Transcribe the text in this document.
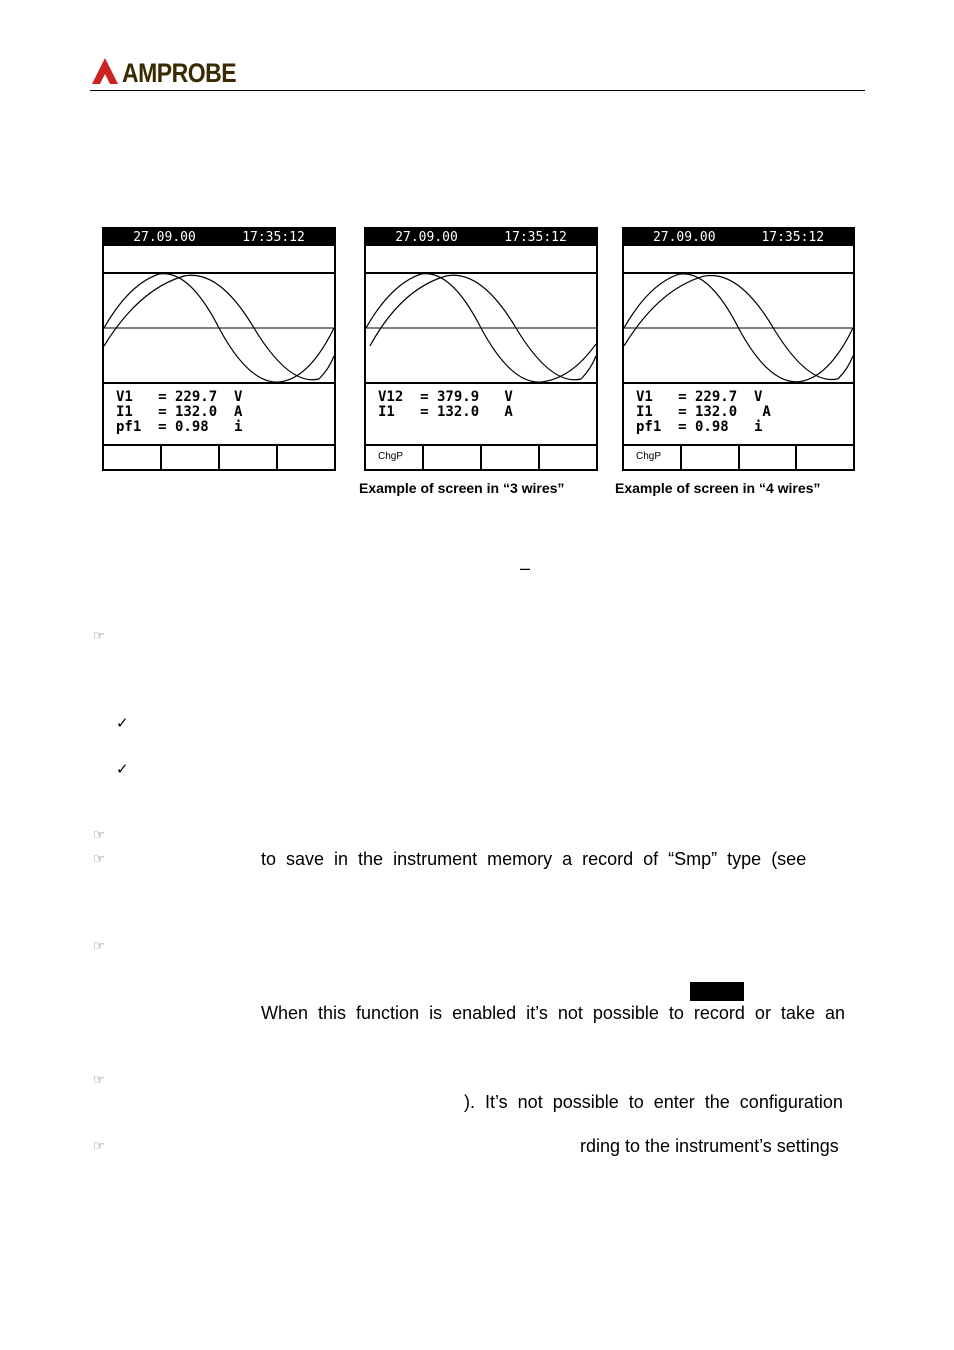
AMPROBE
27.09.00	17:35:12
V1   = 229.7  V
I1   = 132.0  A
pf1  = 0.98   i
27.09.00	17:35:12
V12  = 379.9   V
I1   = 132.0   A
ChgP
27.09.00	17:35:12
V1   = 229.7  V
I1   = 132.0   A
pf1  = 0.98   i
ChgP
Example of screen in “3 wires”	Example of screen in “4 wires”
–
☞
✓
✓
☞
☞
☞
☞
☞
to  save  in  the  instrument  memory  a  record  of  “Smp”  type  (see
When  this  function  is  enabled  it’s  not  possible  to  record  or  take  an
).  It’s  not  possible  to  enter  the  configuration
rding to the instrument’s settings
